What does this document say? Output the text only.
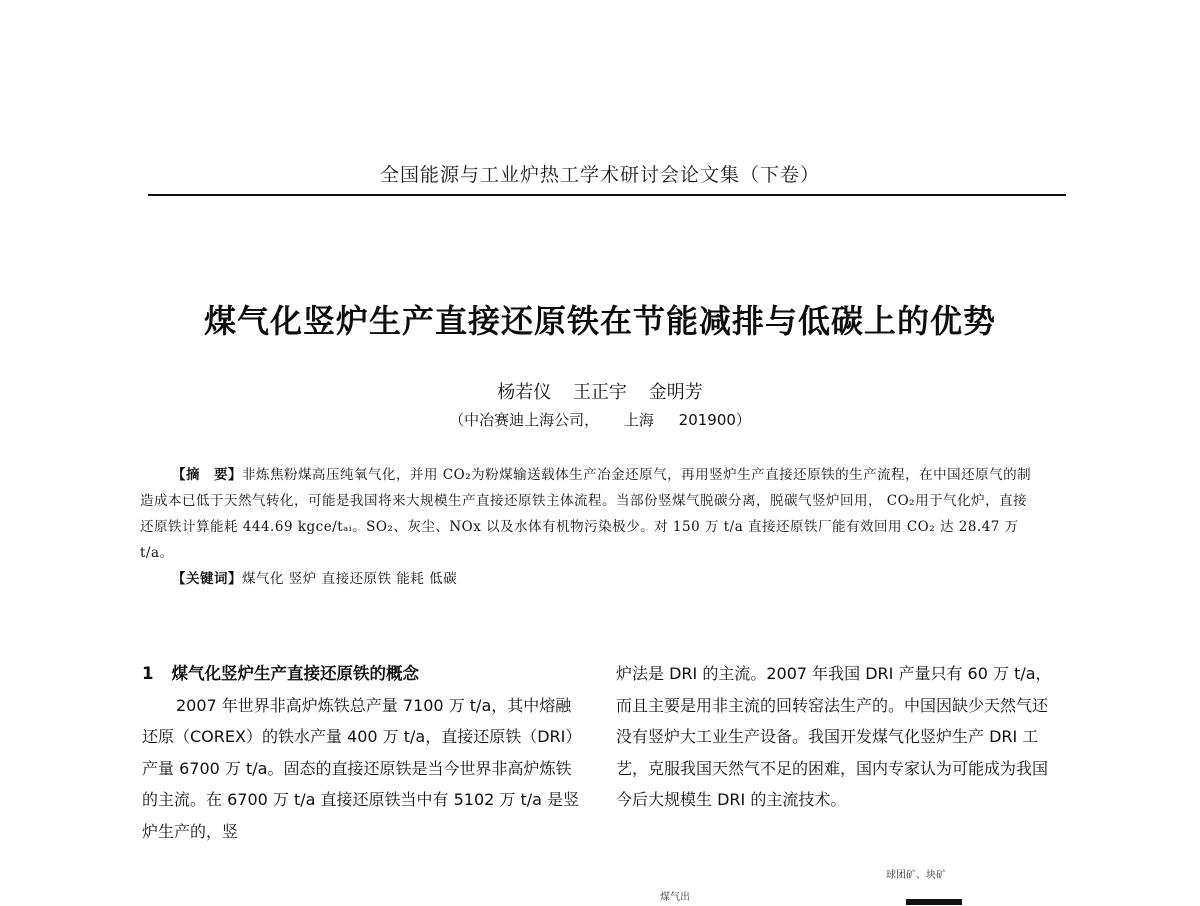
全国能源与工业炉热工学术研讨会论文集（下卷）
煤气化竖炉生产直接还原铁在节能减排与低碳上的优势
杨若仪 王正宇 金明芳
（中冶赛迪上海公司， 上海 201900）

【摘　要】非炼焦粉煤高压纯氧气化，并用 CO₂为粉煤输送载体生产冶金还原气，再用竖炉生产直接还原铁的生产流程，在中国还原气的制造成本已低于天然气转化，可能是我国将来大规模生产直接还原铁主体流程。当部份竖煤气脱碳分离，脱碳气竖炉回用， CO₂用于气化炉，直接还原铁计算能耗 444.69 kgce/tₐᵢ。SO₂、灰尘、NOx 以及水体有机物污染极少。对 150 万 t/a 直接还原铁厂能有效回用 CO₂ 达 28.47 万 t/a。

【关键词】煤气化 竖炉 直接还原铁 能耗 低碳

1 煤气化竖炉生产直接还原铁的概念

2007 年世界非高炉炼铁总产量 7100 万 t/a，其中熔融还原（COREX）的铁水产量 400 万 t/a，直接还原铁（DRI）产量 6700 万 t/a。固态的直接还原铁是当今世界非高炉炼铁的主流。在 6700 万 t/a 直接还原铁当中有 5102 万 t/a 是竖炉生产的，竖

炉法是 DRI 的主流。2007 年我国 DRI 产量只有 60 万 t/a，而且主要是用非主流的回转窑法生产的。中国因缺少天然气还没有竖炉大工业生产设备。我国开发煤气化竖炉生产 DRI 工艺，克服我国天然气不足的困难，国内专家认为可能成为我国今后大规模生 DRI 的主流技术。

球团矿、块矿
煤气出
